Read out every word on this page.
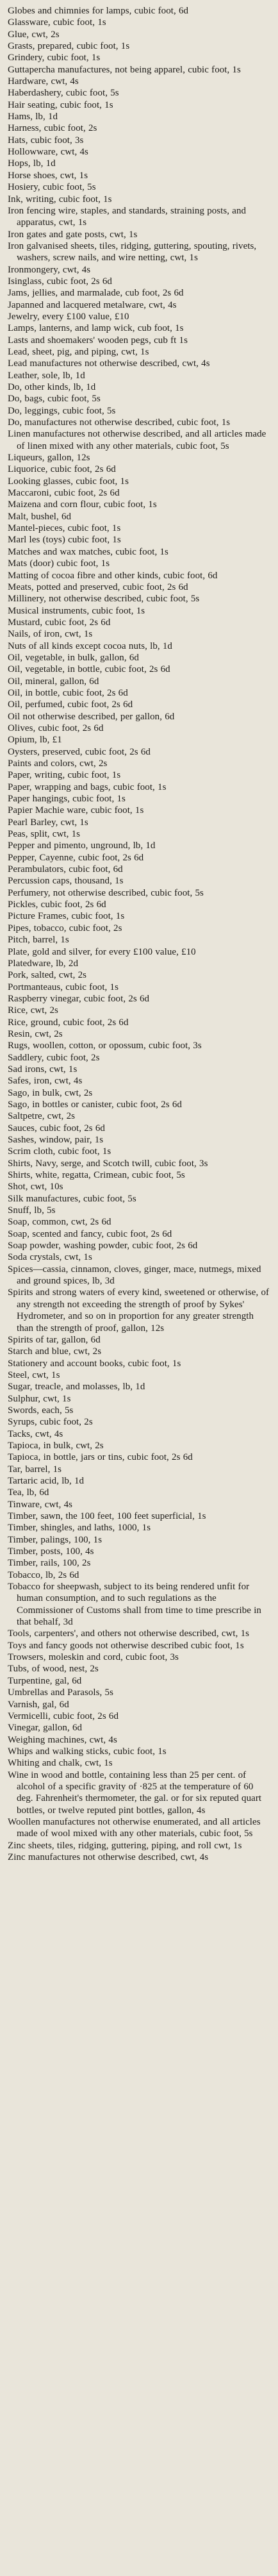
Globes and chimnies for lamps, cubic foot, 6d
Glassware, cubic foot, 1s
Glue, cwt, 2s
Grasts, prepared, cubic foot, 1s
Grindery, cubic foot, 1s
Guttapercha manufactures, not being apparel, cubic foot, 1s
Hardware, cwt, 4s
Haberdashery, cubic foot, 5s
Hair seating, cubic foot, 1s
Hams, lb, 1d
Harness, cubic foot, 2s
Hats, cubic foot, 3s
Hollowware, cwt, 4s
Hops, lb, 1d
Horse shoes, cwt, 1s
Hosiery, cubic foot, 5s
Ink, writing, cubic foot, 1s
Iron fencing wire, staples, and standards, straining posts, and apparatus, cwt, 1s
Iron gates and gate posts, cwt, 1s
Iron galvanised sheets, tiles, ridging, guttering, spouting, rivets, washers, screw nails, and wire netting, cwt, 1s
Ironmongery, cwt, 4s
Isinglass, cubic foot, 2s 6d
Jams, jellies, and marmalade, cub foot, 2s 6d
Japanned and lacquered metalware, cwt, 4s
Jewelry, every £100 value, £10
Lamps, lanterns, and lamp wick, cub foot, 1s
Lasts and shoemakers' wooden pegs, cub ft 1s
Lead, sheet, pig, and piping, cwt, 1s
Lead manufactures not otherwise described, cwt, 4s
Leather, sole, lb, 1d
Do, other kinds, lb, 1d
Do, bags, cubic foot, 5s
Do, leggings, cubic foot, 5s
Do, manufactures not otherwise described, cubic foot, 1s
Linen manufactures not otherwise described, and all articles made of linen mixed with any other materials, cubic foot, 5s
Liqueurs, gallon, 12s
Liquorice, cubic foot, 2s 6d
Looking glasses, cubic foot, 1s
Maccaroni, cubic foot, 2s 6d
Maizena and corn flour, cubic foot, 1s
Malt, bushel, 6d
Mantel-pieces, cubic foot, 1s
Marl les (toys) cubic foot, 1s
Matches and wax matches, cubic foot, 1s
Mats (door) cubic foot, 1s
Matting of cocoa fibre and other kinds, cubic foot, 6d
Meats, potted and preserved, cubic foot, 2s 6d
Millinery, not otherwise described, cubic foot, 5s
Musical instruments, cubic foot, 1s
Mustard, cubic foot, 2s 6d
Nails, of iron, cwt, 1s
Nuts of all kinds except cocoa nuts, lb, 1d
Oil, vegetable, in bulk, gallon, 6d
Oil, vegetable, in bottle, cubic foot, 2s 6d
Oil, mineral, gallon, 6d
Oil, in bottle, cubic foot, 2s 6d
Oil, perfumed, cubic foot, 2s 6d
Oil not otherwise described, per gallon, 6d
Olives, cubic foot, 2s 6d
Opium, lb, £1
Oysters, preserved, cubic foot, 2s 6d
Paints and colors, cwt, 2s
Paper, writing, cubic foot, 1s
Paper, wrapping and bags, cubic foot, 1s
Paper hangings, cubic foot, 1s
Papier Machie ware, cubic foot, 1s
Pearl Barley, cwt, 1s
Peas, split, cwt, 1s
Pepper and pimento, unground, lb, 1d
Pepper, Cayenne, cubic foot, 2s 6d
Perambulators, cubic foot, 6d
Percussion caps, thousand, 1s
Perfumery, not otherwise described, cubic foot, 5s
Pickles, cubic foot, 2s 6d
Picture Frames, cubic foot, 1s
Pipes, tobacco, cubic foot, 2s
Pitch, barrel, 1s
Plate, gold and silver, for every £100 value, £10
Platedware, lb, 2d
Pork, salted, cwt, 2s
Portmanteaus, cubic foot, 1s
Raspberry vinegar, cubic foot, 2s 6d
Rice, cwt, 2s
Rice, ground, cubic foot, 2s 6d
Resin, cwt, 2s
Rugs, woollen, cotton, or opossum, cubic foot, 3s
Saddlery, cubic foot, 2s
Sad irons, cwt, 1s
Safes, iron, cwt, 4s
Sago, in bulk, cwt, 2s
Sago, in bottles or canister, cubic foot, 2s 6d
Saltpetre, cwt, 2s
Sauces, cubic foot, 2s 6d
Sashes, window, pair, 1s
Scrim cloth, cubic foot, 1s
Shirts, Navy, serge, and Scotch twill, cubic foot, 3s
Shirts, white, regatta, Crimean, cubic foot, 5s
Shot, cwt, 10s
Silk manufactures, cubic foot, 5s
Snuff, lb, 5s
Soap, common, cwt, 2s 6d
Soap, scented and fancy, cubic foot, 2s 6d
Soap powder, washing powder, cubic foot, 2s 6d
Soda crystals, cwt, 1s
Spices—cassia, cinnamon, cloves, ginger, mace, nutmegs, mixed and ground spices, lb, 3d
Spirits and strong waters of every kind, sweetened or otherwise, of any strength not exceeding the strength of proof by Sykes' Hydrometer, and so on in proportion for any greater strength than the strength of proof, gallon, 12s
Spirits of tar, gallon, 6d
Starch and blue, cwt, 2s
Stationery and account books, cubic foot, 1s
Steel, cwt, 1s
Sugar, treacle, and molasses, lb, 1d
Sulphur, cwt, 1s
Swords, each, 5s
Syrups, cubic foot, 2s
Tacks, cwt, 4s
Tapioca, in bulk, cwt, 2s
Tapioca, in bottle, jars or tins, cubic foot, 2s 6d
Tar, barrel, 1s
Tartaric acid, lb, 1d
Tea, lb, 6d
Tinware, cwt, 4s
Timber, sawn, the 100 feet, 100 feet superficial, 1s
Timber, shingles, and laths, 1000, 1s
Timber, palings, 100, 1s
Timber, posts, 100, 4s
Timber, rails, 100, 2s
Tobacco, lb, 2s 6d
Tobacco for sheepwash, subject to its being rendered unfit for human consumption, and to such regulations as the Commissioner of Customs shall from time to time prescribe in that behalf, 3d
Tools, carpenters', and others not otherwise described, cwt, 1s
Toys and fancy goods not otherwise described cubic foot, 1s
Trowsers, moleskin and cord, cubic foot, 3s
Tubs, of wood, nest, 2s
Turpentine, gal, 6d
Umbrellas and Parasols, 5s
Varnish, gal, 6d
Vermicelli, cubic foot, 2s 6d
Vinegar, gallon, 6d
Weighing machines, cwt, 4s
Whips and walking sticks, cubic foot, 1s
Whiting and chalk, cwt, 1s
Wine in wood and bottle, containing less than 25 per cent. of alcohol of a specific gravity of ·825 at the temperature of 60 deg. Fahrenheit's thermometer, the gal. or for six reputed quart bottles, or twelve reputed pint bottles, gallon, 4s
Woollen manufactures not otherwise enumerated, and all articles made of wool mixed with any other materials, cubic foot, 5s
Zinc sheets, tiles, ridging, guttering, piping, and roll cwt, 1s
Zinc manufactures not otherwise described, cwt, 4s
